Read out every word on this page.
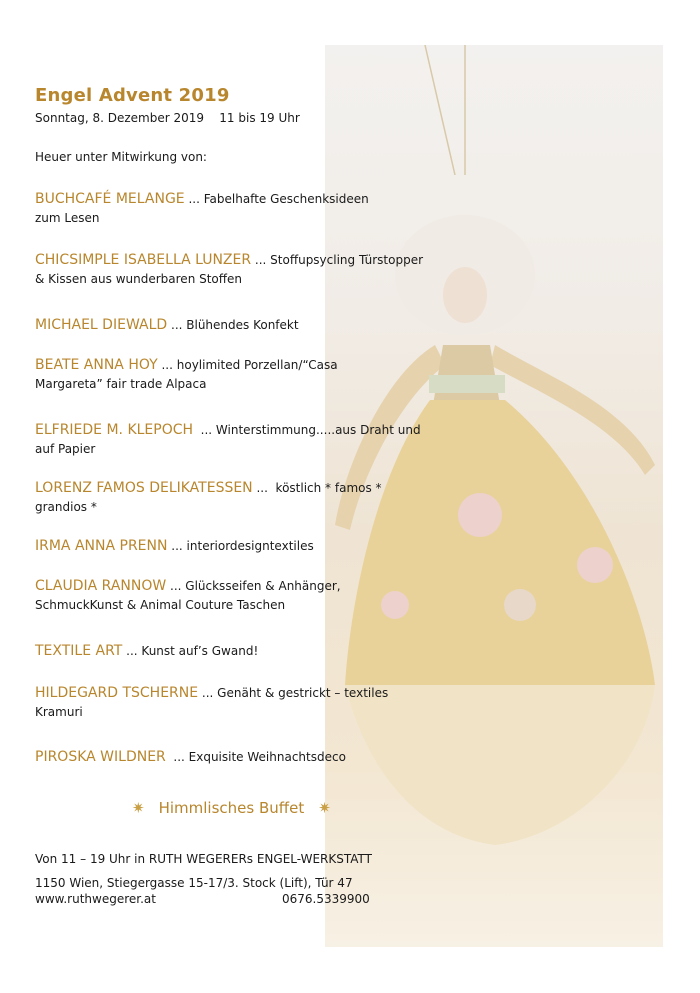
Engel Advent 2019
Sonntag, 8. Dezember 2019    11 bis 19 Uhr
Heuer unter Mitwirkung von:
BUCHCAFÉ MELANGE ... Fabelhafte Geschenksideen
zum Lesen
CHICSIMPLE ISABELLA LUNZER ... Stoffupsycling Türstopper
& Kissen aus wunderbaren Stoffen
MICHAEL DIEWALD ... Blühendes Konfekt
BEATE ANNA HOY ... hoylimited Porzellan/“Casa
Margareta” fair trade Alpaca
ELFRIEDE M. KLEPOCH  ... Winterstimmung.....aus Draht und
auf Papier
LORENZ FAMOS DELIKATESSEN ...  köstlich * famos *
grandios *
IRMA ANNA PRENN ... interiordesigntextiles
CLAUDIA RANNOW ... Glücksseifen & Anhänger,
SchmuckKunst & Animal Couture Taschen
TEXTILE ART ... Kunst auf’s Gwand!
HILDEGARD TSCHERNE ... Genäht & gestrickt – textiles
Kramuri
PIROSKA WILDNER  ... Exquisite Weihnachtsdeco
✷ Himmlisches Buffet ✷
Von 11 – 19 Uhr in RUTH WEGERERs ENGEL-WERKSTATT
1150 Wien, Stiegergasse 15-17/3. Stock (Lift), Tür 47
www.ruthwegerer.at	0676.5339900
